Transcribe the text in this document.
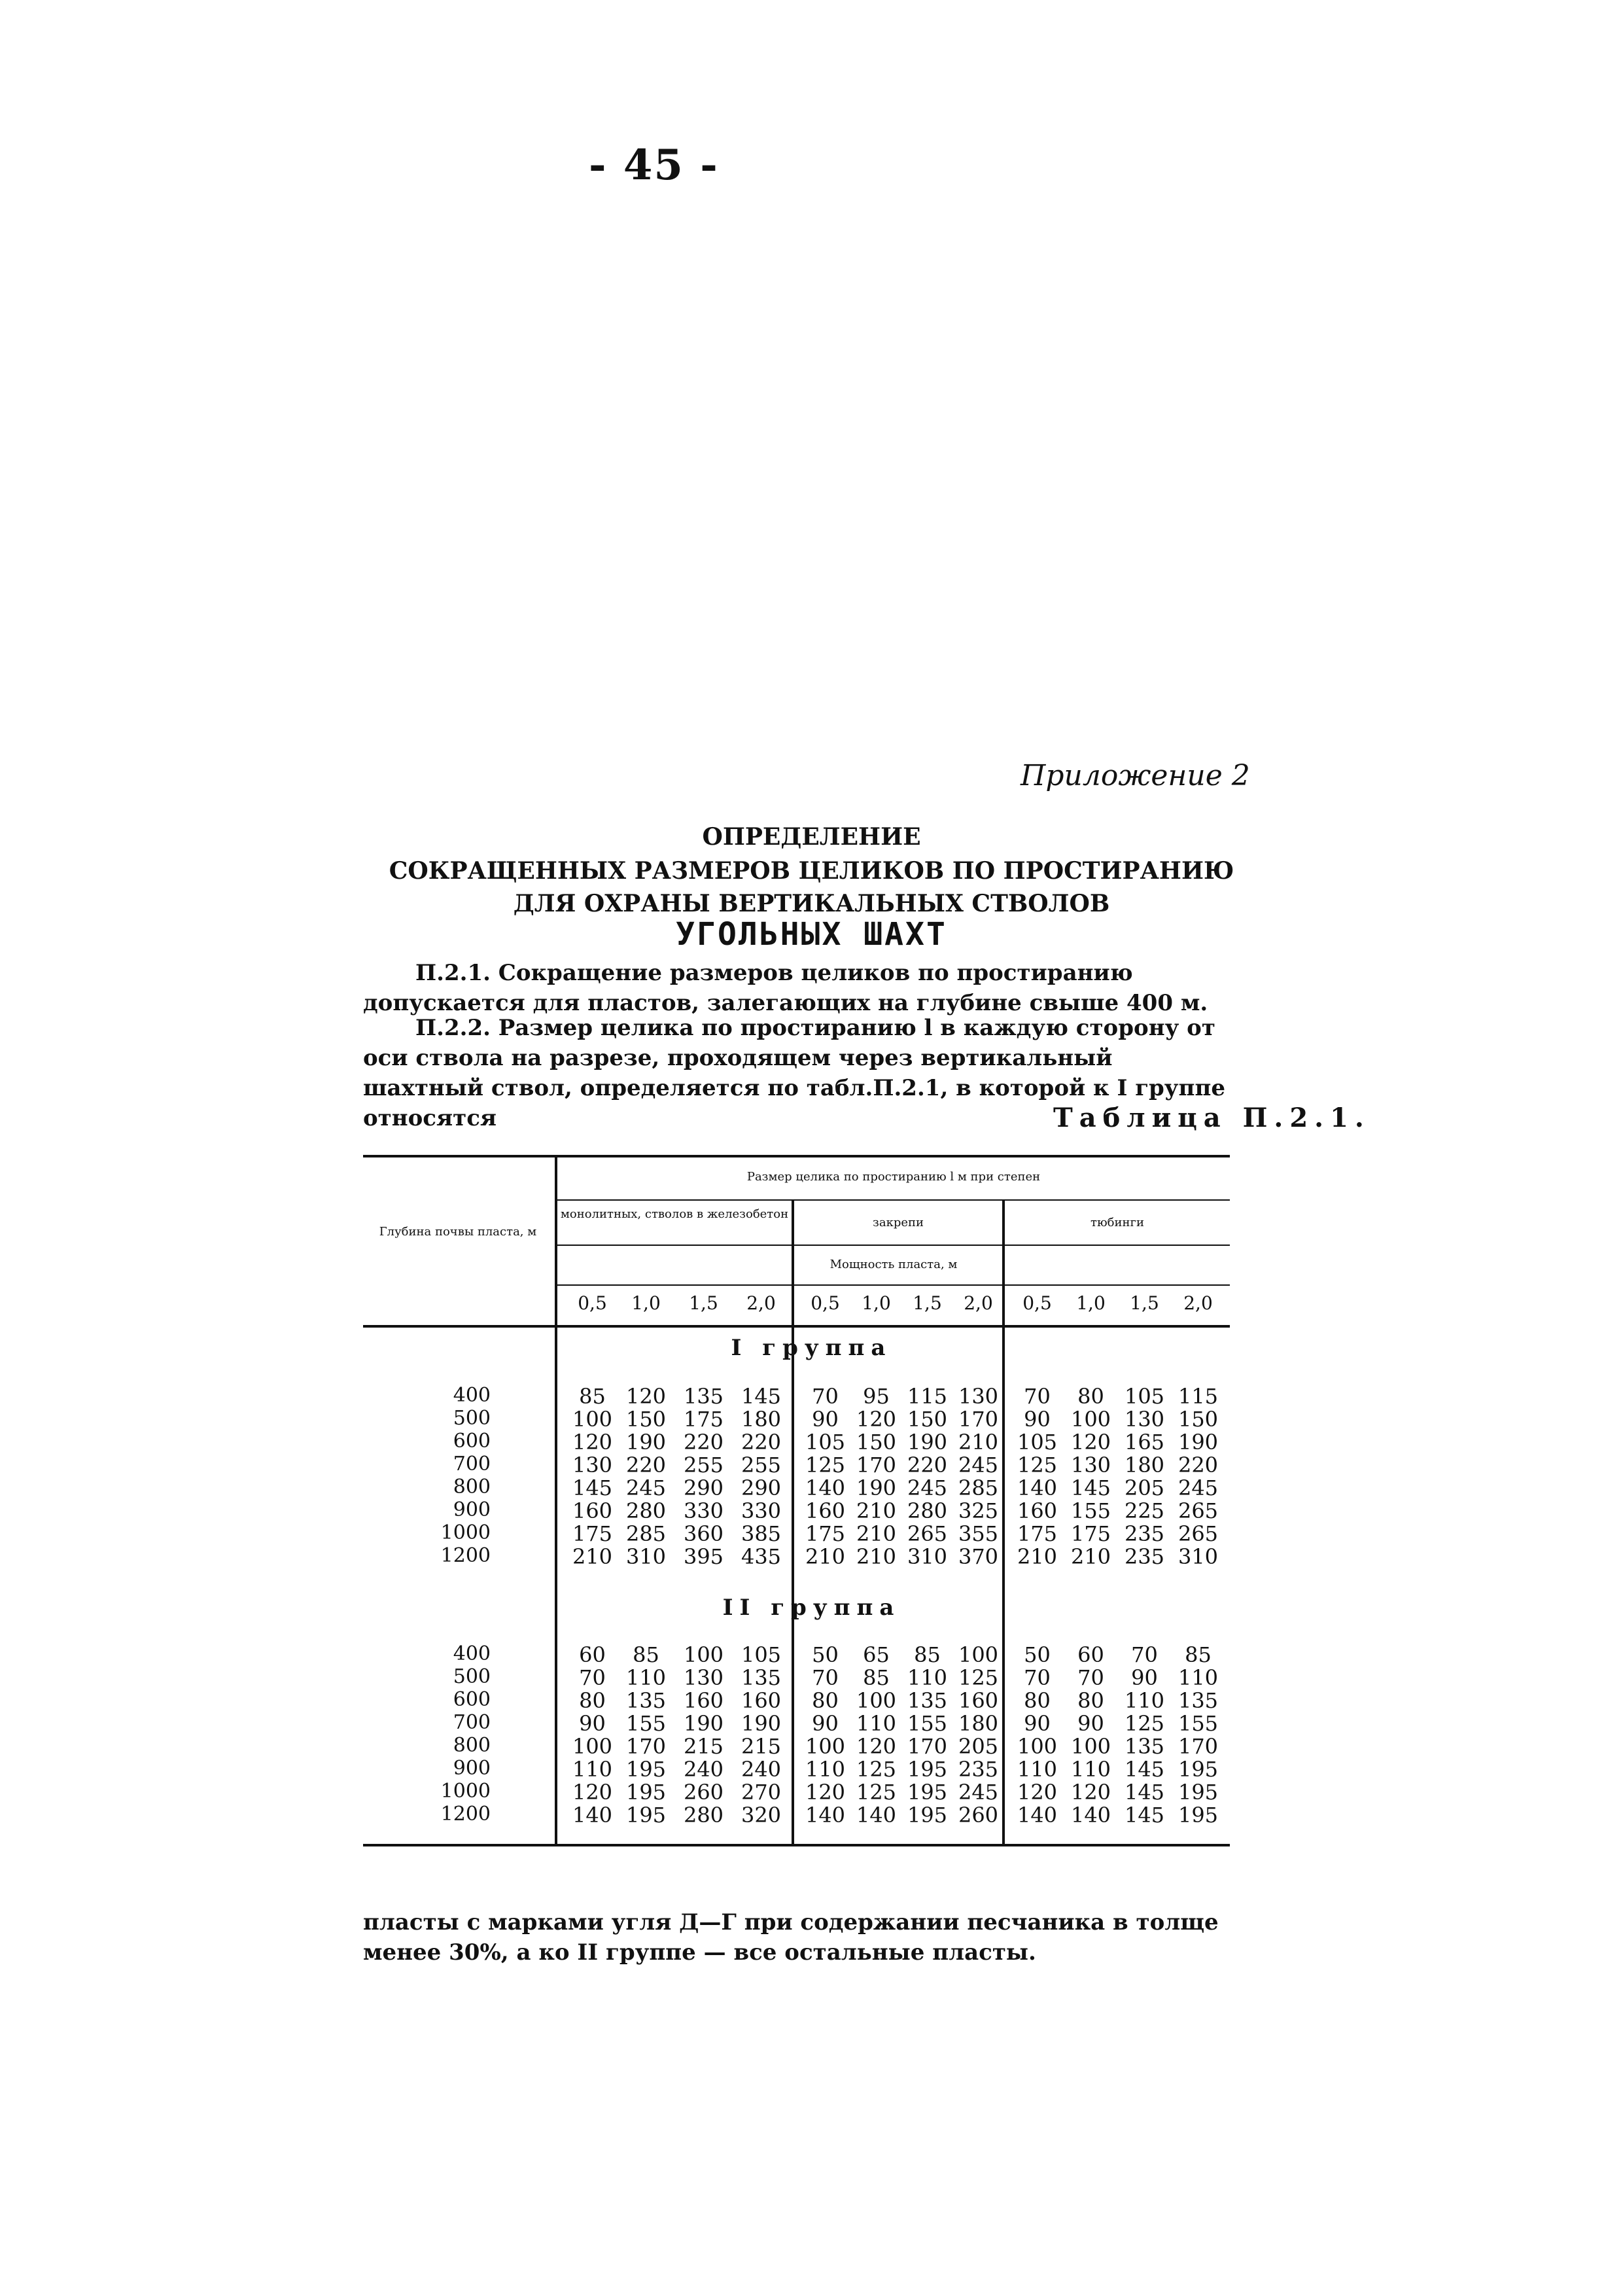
- 45 -
Приложение 2
ОПРЕДЕЛЕНИЕ
СОКРАЩЕННЫХ РАЗМЕРОВ ЦЕЛИКОВ ПО ПРОСТИРАНИЮ
ДЛЯ ОХРАНЫ ВЕРТИКАЛЬНЫХ СТВОЛОВ
УГОЛЬНЫХ ШАХТ
П.2.1. Сокращение размеров целиков по простиранию допускается для пластов, залегающих на глубине свыше 400 м.
П.2.2. Размер целика по простиранию l в каждую сторону от оси ствола на разрезе, проходящем через вертикальный шахтный ствол, определяется по табл.П.2.1, в которой к I группе относятся	Таблица П.2.1.
Глубина почвы пласта, м
Размер целика по простиранию l м при степен
монолитных, стволов в железобетон
закрепи	тюбинги
Мощность пласта, м
0,5	1,0	1,5	2,0	0,5	1,0	1,5	2,0	0,5	1,0	1,5	2,0
I группа
II группа
400	85 120 135 145	70	95 115 130	70	80 105 115
500	100 150 175 180	90 120 150 170	90 100 130 150
600	120 190 220 220	105 150 190 210 105 120 165 190
700	130 220 255 255	125 170 220 245 125 130 180 220
800	145 245 290 290	140 190 245 285 140 145 205 245
900	160 280 330 330	160 210 280 325 160 155 225 265
1000	175 285 360 385	175 210 265 355 175 175 235 265
1200	210 310 395 435	210 210 310 370 210 210 235 310
400	60	85	100 105	50	65	85 100	50	60	70	85
500	70 110 130 135	70	85 110 125	70	70	90 110
600	80 135 160 160	80 100 135 160	80	80 110 135
700	90 155 190 190	90 110 155 180	90	90 125 155
800	100 170 215 215	100 120 170 205 100 100 135 170
900	110 195 240 240	110 125 195 235 110 110 145 195
1000	120 195 260 270	120 125 195 245 120 120 145 195
1200	140 195 280 320	140 140 195 260 140 140 145 195
пласты с марками угля Д—Г при содержании песчаника в толще менее 30%, а ко II группе — все остальные пласты.
